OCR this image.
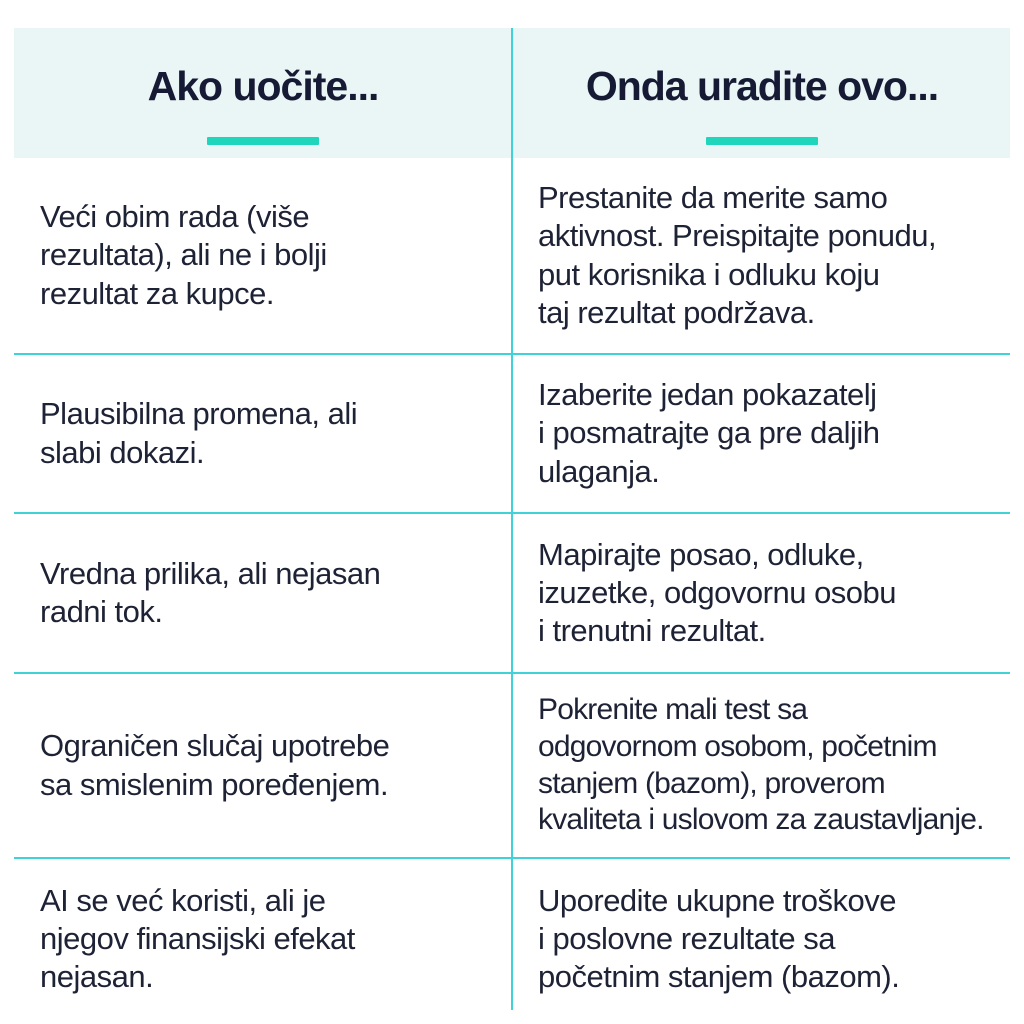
Ako uočite...	Onda uradite ovo...
Veći obim rada (više
rezultata), ali ne i bolji
rezultat za kupce.
Prestanite da merite samo
aktivnost. Preispitajte ponudu,
put korisnika i odluku koju
taj rezultat podržava.
Plausibilna promena, ali
slabi dokazi.
Izaberite jedan pokazatelj
i posmatrajte ga pre daljih
ulaganja.
Vredna prilika, ali nejasan
radni tok.
Mapirajte posao, odluke,
izuzetke, odgovornu osobu
i trenutni rezultat.
Ograničen slučaj upotrebe
sa smislenim poređenjem.
Pokrenite mali test sa
odgovornom osobom, početnim
stanjem (bazom), proverom
kvaliteta i uslovom za zaustavljanje.
AI se već koristi, ali je
njegov finansijski efekat
nejasan.
Uporedite ukupne troškove
i poslovne rezultate sa
početnim stanjem (bazom).
